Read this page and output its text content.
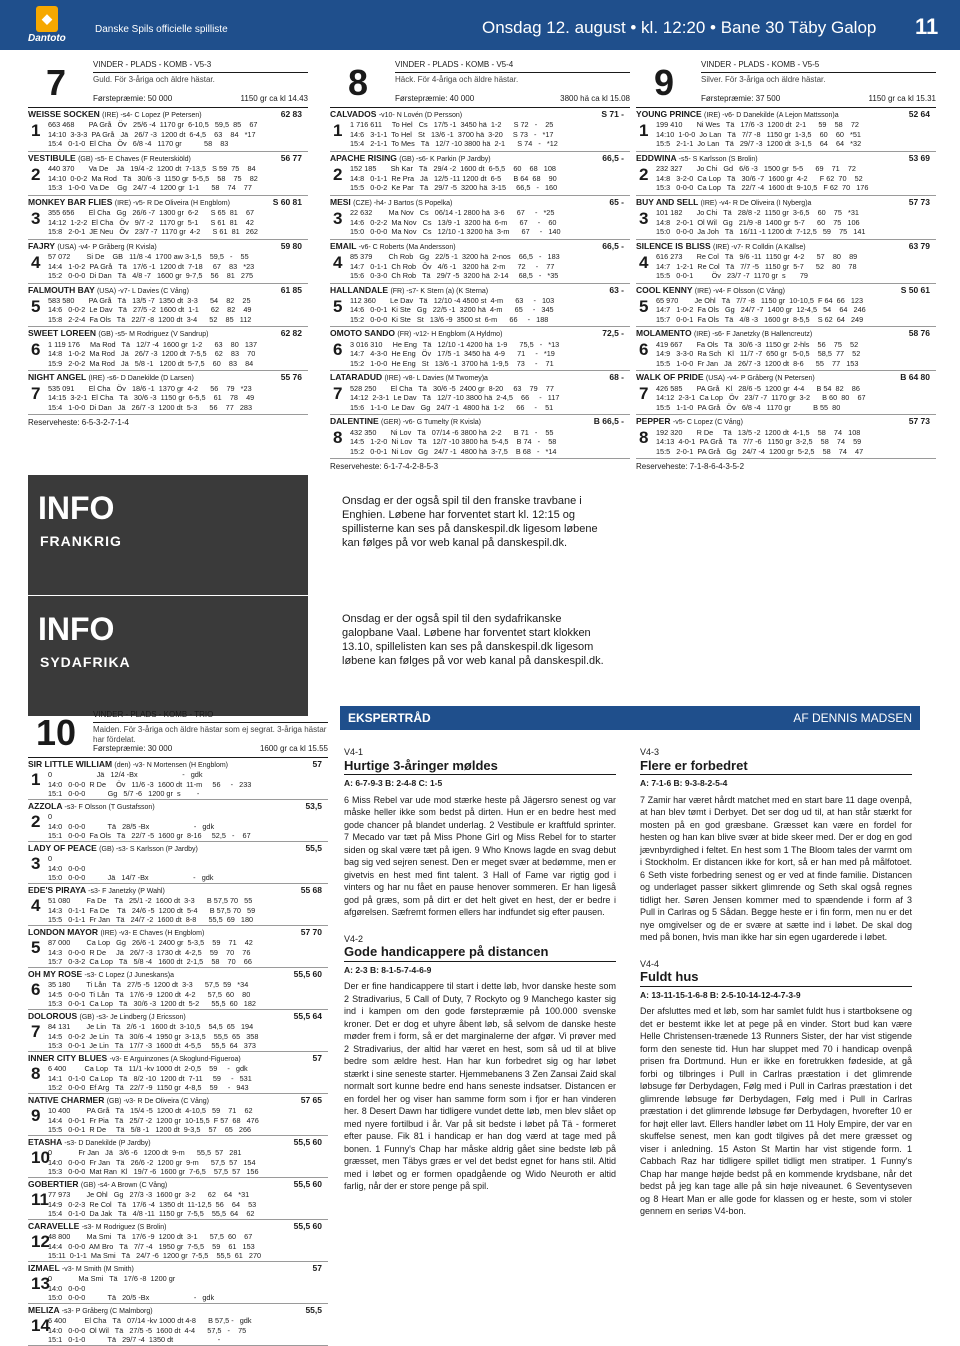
◆
Dantoto
Danske Spils officielle spilliste	Onsdag 12. august • kl. 12:20 • Bane 30 Täby Galop 11
7	VINDER - PLADS - KOMB - V5-3
Guld. För 3-åriga och äldre hästar.
Førstepræmie: 50 000	1150 gr ca kl 14.43
WEISSE SOCKEN (IRE) -s4- C Lopez (P Petersen)	62 83
1	663 468       PA Grå   Öv   25/6 -4  1170 gr  6-10,5   59,5  85    67
14:10  3-3-3  PA Grå   Jä   26/7 -3  1200 dt  6-4,5    63    84   *17
15:4   0-1-0  El Cha   Öv   6/8 -4   1170 gr           58    83
VESTIBULE (GB) -s5- E Chaves (F Reuterskiöld)	56 77
2	440 370       Va De    Jä   19/4 -2  1200 dt  7-13,5   S 59  75    84
14:10  0-0-2  Ma Rod   Tä   30/6 -3  1150 gr  5-5,5    58    75    82
15:3   1-0-0  Va De    Gg   24/7 -4  1200 gr  1-1      58    74    77
MONKEY BAR FLIES (IRE) -v5- R De Oliveira (H Engblom)	S 60 81
3	355 656       El Cha   Gg   26/6 -7  1300 gr  6-2      S 65  81    67
14:12  1-2-2  El Cha   Öv   9/7 -2   1170 gr  5-1      S 61  81    42
15:8   2-0-1  JE Neu   Öv   23/7 -7  1170 gr  4-2      S 61  81   262
FAJRY (USA) -v4- P Gråberg (R Kvisla)	59 80
4	57 072        Si De    GB   11/8 -4  1700 aw 3-1,5    59,5   -    55
14:4   1-0-2  PA Grå   Tä   17/6 -1  1200 dt  7-18     67    83   *23
15:2   0-0-0  Di Dan   Tä   4/8 -7   1600 gr  9-7,5    56    81   275
FALMOUTH BAY (USA) -v7- L Davies (C Vång)	61 85
5	583 580       PA Grå   Tä   13/5 -7  1350 dt  3-3      54    82    25
14:6   0-0-2  Le Dav   Tä   27/5 -2  1600 dt  1-1      62    82    49
15:8   2-2-4  Fa Ols   Tä   22/7 -8  1200 dt  3-4      52    85   112
SWEET LOREEN (GB) -s5- M Rodriguez (V Sandrup)	62 82
6	1 119 176     Ma Rod   Tä   12/7 -4  1600 gr  1-2      63    80   137
14:8   1-0-2  Ma Rod   Jä   26/7 -3  1200 dt  7-5,5    62    83    70
15:9   2-0-2  Ma Rod   Jä   5/8 -1   1200 dt  5-7,5    60    83    84
NIGHT ANGEL (IRE) -s6- D Danekilde (D Larsen)	55 76
7	535 091       El Cha   Öv   18/6 -1  1370 gr  4-2      56    79   *23
14:15  3-2-1  El Cha   Tä   30/6 -3  1150 gr  6-5,5    61    78    49
15:4   1-0-0  Di Dan   Jä   26/7 -3  1200 dt  5-3      56    77   283
Reserveheste: 6-5-3-2-7-1-4
8	VINDER - PLADS - KOMB - V5-4
Häck. För 4-åriga och äldre hästar.
Førstepræmie: 40 000	3800 hä ca kl 15.08
CALVADOS -v10- N Lovén (D Persson)	S 71 -
1	1 716 611     To Hel   Cs   17/5 -1  3450 hä  1-2      S 72   -    25
14:6   3-1-1  To Hel   St   13/6 -1  3700 hä  3-20     S 73   -   *17
15:4   2-1-1  To Mes   Tä   12/7 -10 3800 hä  2-1      S 74   -   *12
APACHE RISING (GB) -s6- K Parkin (P Jardby)	66,5 -
2	152 185       Sh Kar   Tä   29/4 -2  1600 dt  6-5,5    60    68   108
14:8   0-1-1  Re Pra   Jä   12/5 -11 1200 dt  6-5      B 64  68    90
15:5   0-0-2  Ke Par   Tä   29/7 -5  3200 hä  3-15     66,5   -   160
MESI (CZE) -h4- J Bartos (S Popelka)	65 -
3	22 632        Ma Nov   Cs   06/14 -1 2800 hä  3-6      67     -   *25
14:6   0-2-2  Ma Nov   Cs   13/9 -1  3200 hä  6-m      67     -    60
15:0   0-0-0  Ma Nov   Cs   12/10 -1 3200 hä  3-m      67     -   140
EMAIL -v6- C Roberts (Ma Andersson)	66,5 -
4	85 379        Ch Rob   Gg   22/5 -1  3200 hä  2-nos    66,5   -   183
14:7   0-1-1  Ch Rob   Öv   4/6 -1   3200 hä  2-m      72     -    77
15:6   0-3-0  Ch Rob   Tä   29/7 -5  3200 hä  2-14     68,5   -   *35
HALLANDALE (FR) -s7- K Stern (a) (K Sterna)	63 -
5	112 360       Le Dav   Tä   12/10 -4 4500 st  4-m      63     -   103
14:6   0-0-1  Ki Ste   Gg   22/5 -1  3200 hä  4-m      65     -   345
15:2   0-0-0  Ki Ste   St   13/6 -9  3500 st  6-m      66     -   188
OMOTO SANDO (FR) -v12- H Engblom (A Hyldmo)	72,5 -
6	3 016 310     He Eng   Tä   12/10 -1 4200 hä  1-9      75,5   -   *13
14:7   4-3-0  He Eng   Öv   17/5 -1  3450 hä  4-9      71     -   *19
15:2   1-0-0  He Eng   St   13/6 -1  3700 hä  1-9,5    73     -    71
LATARADUD (IRE) -v8- L Davies (M Twomey)a	68 -
7	528 250       El Cha   Tä   30/6 -5  2400 gr  8-20     63    79    77
14:12  2-3-1  Le Dav   Tä   12/7 -10 3800 hä  2-4,5    66     -   117
15:6   1-1-0  Le Dav   Gg   24/7 -1  4800 hä  1-2      66     -    51
DALENTINE (GER) -v6- G Tumelty (R Kvisla)	B 66,5 -
8	432 350       Ni Lov   Tä   07/14 -6 3800 hä  2-2      B 71   -    55
14:5   1-2-0  Ni Lov   Tä   12/7 -10 3800 hä  5-4,5    B 74   -    58
15:2   0-0-1  Ni Lov   Gg   24/7 -1  4800 hä  3-7,5    B 68   -   *14
Reserveheste: 6-1-7-4-2-8-5-3
9	VINDER - PLADS - KOMB - V5-5
Silver. För 3-åriga och äldre hästar.
Førstepræmie: 37 500	1150 gr ca kl 15.31
YOUNG PRINCE (IRE) -v6- D Danekilde (A Lejon Mattsson)a	52 64
1	199 410       Ni Wes   Tä   17/6 -3  1200 dt  2-1      59    58    72
14:10  1-0-0  Jo Lan   Tä   7/7 -8   1150 gr  1-3,5    60    60   *51
15:5   2-1-1  Jo Lan   Tä   29/7 -3  1200 dt  3-1,5    64    64   *32
EDDWINA -s5- S Karlsson (S Brolin)	53 69
2	232 327       Jo Chi   Gd   6/6 -3   1500 gr  5-5      69    71    72
14:8   3-2-0  Ca Lop   Tä   30/6 -7  1600 gr  4-2      F 62  70    52
15:3   0-0-0  Ca Lop   Tä   22/7 -4  1600 dt  9-10,5   F 62  70   176
BUY AND SELL (IRE) -v4- R De Oliveira (I Nyberg)a	57 73
3	101 182       Jo Chi   Tä   28/8 -2  1150 gr  3-6,5    60    75   *31
14:8   2-0-1  Ol Wil   Gg   21/9 -8  1400 gr  5-7      60    75   106
15:0   0-0-0  Ja Joh   Tä   16/11 -1 1200 dt  7-12,5   59    75   141
SILENCE IS BLISS (IRE) -v7- R Colldin (A Källse)	63 79
4	616 273       Re Col   Tä   9/6 -11  1150 gr  4-2      57    80    89
14:7   1-2-1  Re Col   Tä   7/7 -5   1150 gr  5-7      52    80    78
15:5   0-0-1         Öv   23/7 -7  1170 gr  s       79
COOL KENNY (IRE) -v4- F Olsson (C Vång)	S 50 61
5	65 970        Je Ohl   Tä   7/7 -8   1150 gr  10-10,5  F 64  66   123
14:7   1-0-2  Fa Ols   Gg   24/7 -7  1400 gr  12-4,5   54    64   246
15:7   0-0-1  Fa Ols   Tä   4/8 -3   1600 gr  8-5,5    S 62  64   249
MOLAMENTO (IRE) -s6- F Janetzky (B Hallencreutz)	58 76
6	419 667       Fa Ols   Tä   30/6 -3  1150 gr  2-hls    56    75    52
14:9   3-3-0  Ra Sch   Kl   11/7 -7  650 gr   5-0,5    58,5  77    52
15:5   1-0-0  Fr Jan   Jä   26/7 -3  1200 dt  8-6      55    77   153
WALK OF PRIDE (USA) -v4- P Gråberg (N Petersen)	B 64 80
7	426 585       PA Grå   Kl   28/6 -5  1200 gr  4-4      B 54  82    86
14:12  2-3-1  Ca Lop   Öv   23/7 -7  1170 gr  3-2      B 60  80    67
15:5   1-1-0  PA Grå   Öv   6/8 -4   1170 gr           B 55  80
PEPPER -v5- C Lopez (C Vång)	57 73
8	192 320       R De     Tä   13/5 -2  1200 dt  4-1,5    58    74   108
14:13  4-0-1  PA Grå   Tä   7/7 -6   1150 gr  3-2,5    58    74    59
15:5   2-0-1  PA Grå   Gg   24/7 -4  1200 gr  5-2,5    58    74    47
Reserveheste: 7-1-8-6-4-3-5-2
INFO
FRANKRIG
Onsdag er der også spil til den franske travbane i Enghien. Løbene har forventet start kl. 12:15 og spillisterne kan ses på danskespil.dk ligesom løbene kan følges på vor web kanal på danskespil.dk.
INFO
SYDAFRIKA
Onsdag er der også spil til den sydafrikanske galopbane Vaal. Løbene har forventet start klokken 13.10, spillelisten kan ses på danskespil.dk ligesom løbene kan følges på vor web kanal på danskespil.dk.
10	VINDER - PLADS - KOMB - TRIO
Maiden. För 3-åriga och äldre hästar som ej segrat. 3-åriga hästar har fördelat.
Førstepræmie: 30 000	1600 gr ca kl 15.55
SIR LITTLE WILLIAM (den) -v3- N Mortensen (H Engblom)	57
1	0                      Jä   12/4 -Bx                      -   gdk
14:0   0-0-0  R De     Öv   11/6 -3  1600 dt  11-m     56     -   233
15:1   0-0-0           Gg   5/7 -6   1200 gr  s        -
AZZOLA -s3- F Olsson (T Gustafsson)	53,5
2	0
14:0   0-0-0           Tä   28/5 -Bx                      -   gdk
15:1   0-0-0  Fa Ols   Tä   22/7 -5  1600 gr  8-16     52,5   -    67
LADY OF PEACE (GB) -s3- S Karlsson (P Jardby)	55,5
3	0
14:0   0-0-0
15:0   0-0-0           Jä   14/7 -Bx                      -   gdk
EDE'S PIRAYA -s3- F Janetzky (P Wahl)	55 68
4	51 080        Fa De    Tä   25/1 -2  1600 dt  3-3      B 57,5 70   55
14:3   0-1-1  Fa De    Tä   24/6 -5  1200 dt  5-4      B 57,5 70   59
15:5   0-1-1  Fr Jan   Tä   24/7 -2  1600 dt  8-8      55,5  69   180
LONDON MAYOR (IRE) -v3- E Chaves (H Engblom)	57 70
5	87 000        Ca Lop   Gg   26/6 -1  2400 gr  5-3,5    59    71    42
14:3   0-0-0  R De     Jä   26/7 -3  1730 dt  4-2,5    59    70    76
15:7   0-3-2  Ca Lop   Tä   5/8 -4   1600 dt  2-1,5    58    70    66
OH MY ROSE -s3- C Lopez (J Juneskans)a	55,5 60
6	35 180        Ti Lån   Tä   27/5 -5  1200 dt  3-3      57,5  59   *34
14:5   0-0-0  Ti Lån   Tä   17/6 -9  1200 dt  4-2      57,5  60    80
15:3   0-0-1  Ca Lop   Tä   30/6 -3  1200 dt  5-2      55,5  60   182
DOLOROUS (GB) -s3- Je Lindberg (J Ericsson)	55,5 64
7	84 131        Je Lin   Tä   2/6 -1   1600 dt  3-10,5    54,5  65   194
14:5   0-0-2  Je Lin   Tä   30/6 -4  1950 gr  3-13,5    55,5  65   358
15:3   0-0-1  Je Lin   Tä   17/7 -3  1600 dt  4-5,5     55,5  64   373
INNER CITY BLUES -v3- E Arguinzones (A Skoglund-Figueroa)	57
8	6 400         Ca Lop   Tä   11/1 -kv 1000 dt  2-0,5    59     -   gdk
14:1   0-1-0  Ca Lop   Tä   8/2 -10  1200 dt  7-11     59     -   531
15:2   0-0-0  Ef Arg   Tä   22/7 -9  1150 gr  4-8,5    59     -   943
NATIVE CHARMER (GB) -v3- R De Oliveira (C Vång)	57 65
9	10 400        PA Grå   Tä   15/4 -5  1200 dt  4-10,5   59    71    62
14:4   0-0-1  Fr Pia   Tä   25/7 -2  1200 gr  10-15,5  F 57  68   476
15:5   0-0-1  R De     Tä   5/8 -1   1200 dt  9-3,5    57    65   266
ETASHA -s3- D Danekilde (P Jardby)	55,5 60
10
0             Fr Jan   Jä   3/6 -6   1200 dt  9-m      55,5  57   281
14:0   0-0-0  Fr Jan   Tä   26/6 -2  1200 gr  9-m      57,5  57   154
15:3   0-0-0  Mat Ran  Kl   19/7 -6  1600 gr  7-6,5    57,5  57   156
GOBERTIER (GB) -s4- A Brown (C Vång)	55,5 60
11 77 973        Je Ohl   Gg   27/3 -3  1600 gr  3-2      62    64   *31
14:9   0-2-3  Re Col   Tä   17/6 -4  1350 dt  11-12,5  56    64    53
15:4   0-1-0  Da Jak   Tä   4/8 -11  1150 gr  7-5,5    55,5  64    62
CARAVELLE -s3- M Rodriguez (S Brolin)	55,5 60
12
48 800        Ma Smi   Tä   17/6 -9  1200 dt  3-1      57,5  60    67
14:4   0-0-0  AM Bro   Tä   7/7 -4   1950 gr  7-5,5    59    61   153
15:11  0-1-1  Ma Smi   Tä   24/7 -6  1200 gr  7-5,5    55,5  61   270
IZMAEL -v3- M Smith (M Smith)	57
13
0             Ma Smi   Tä   17/6 -8  1200 gr
14:0   0-0-0
15:0   0-0-0           Tä   20/5 -Bx                      -   gdk
MELIZA -s3- P Gråberg (C Malmborg)	55,5
14
6 400         El Cha   Tä   07/14 -kv 1000 dt 4-8      B 57,5 -   gdk
14:0   0-0-0  Ol Wil   Tä   27/5 -5  1600 dt  4-4      57,5   -    75
15:1   0-1-0           Tä   29/7 -4  1350 dt                      -
EKSPERTRÅD	AF DENNIS MADSEN
V4-1
Hurtige 3-åringer møldes
A: 6-7-9-3 B: 2-4-8 C: 1-5

6 Miss Rebel var ude mod stærke heste på Jägersro senest og var måske heller ikke som bedst på dirten. Hun er en bedre hest med gode chancer på blandet underlag. 2 Vestibule er kraftfuld sprinter. 7 Mecado var tæt på Miss Phone Girl og Miss Rebel for to starter siden og skal være tæt på igen. 9 Who Knows lagde en svag debut bag sig ved sejren senest. Den er meget svær at bedømme, men er givetvis en hest med fint talent. 3 Hall of Fame var rigtig god i vinters og har nu fået en pause henover sommeren. Er han ligeså god på græs, som på dirt er det helt givet en hest, der er bedre i afgørelsen. Sæfremt formen ellers har indfundet sig efter pausen.

V4-2
Gode handicappere på distancen
A: 2-3 B: 8-1-5-7-4-6-9

Der er fine handicappere til start i dette løb, hvor danske heste som 2 Stradivarius, 5 Call of Duty, 7 Rockyto og 9 Manchego kaster sig ind i kampen om den gode førstepræmie på 100.000 svenske kroner. Det er dog et uhyre åbent løb, så selvom de danske heste møder frem i form, så er det marginalerne der afgør. Vi prøver med 2 Stradivarius, der altid har været en hest, som så ud til at blive bedre som ældre hest. Han har kun forbedret sig og har løbet stærkt i sine seneste starter. Hjemmebanens 3 Zen Zansai Zaid skal normalt sort kunne bedre end hans seneste indsatser. Distancen er en fordel her og viser han samme form som i fjor er han vinderen her. 8 Desert Dawn har tidligere vundet dette løb, men blev slået op med nyere fortilbud i år. Var på sit bedste i løbet på Tä - formeret efter pause. Fik 81 i handicap er han dog værd at tage med på bonen. 1 Funny's Chap har måske aldrig gået sine bedste løb på græsset, men Täbys græs er vel det bedst egnet for hans stil. Altid med i løbet og er formen opadgående og Wido Neuroth er altid farlig, når der er store penge på spil.

V4-3
Flere er forbedret
A: 7-1-6 B: 9-3-8-2-5-4

7 Zamir har været hårdt matchet med en start bare 11 dage ovenpå, at han blev tømt i Derbyet. Det ser dog ud til, at han står stærkt for mosten på en god græsbane. Græsset kan være en fordel for hesten og han kan blive svær at bide skeer med. Der er dog en god jævnbyrdighed i feltet. En hest som 1 The Bloom tales der varmt om i Stockholm. Er distancen ikke for kort, så er han med på målfotoet. 6 Seth viste forbedring senest og er ved at finde familie. Distancen og underlaget passer sikkert glimrende og Seth skal også regnes tidligt her. Søren Jensen kommer med to spændende i form af 3 Pull in Carlras og 5 Sådan. Begge heste er i fin form, men nu er det nye omgivelser og de er svære at sætte ind i løbet. De skal dog med på bonen, hvis man ikke har sin egen ugarderede i løbet.

V4-4
Fuldt hus
A: 13-11-15-1-6-8 B: 2-5-10-14-12-4-7-3-9

Der afsluttes med et løb, som har samlet fuldt hus i startboksene og det er bestemt ikke let at pege på en vinder. Stort bud kan være Helle Christensen-trænede 13 Runners Sister, der har vist stigende form den seneste tid. Hun har sluppet med 70 i handicap ovenpå prisen fra Dortmund. Hun er ikke en foretrukken fødeside, at gå forbi og tilbringes i Pull in Carlras præstation i det glimrende løbsuge før Derbydagen, Følg med i Pull in Carlras præstation i det glimrende løbsuge før Derbydagen, Følg med i Pull in Carlras præstation i det glimrende løbsuge før Derbydagen, hvorefter 10 er for højt eller lavt. Ellers handler løbet om 11 Holy Empire, der var en skuffelse senest, men kan godt tilgives på det mere græsset og viser i anledning. 15 Aston St Martin har vist stigende form. 1 Cabbach Raz har tidligere spillet tidligt men stratiper. 1 Funny's Chap har mange højde bedst på en kommende krydsbane, når det bedst på jeg kan tage alle på sin høje niveaunet. 6 Seventyseven og 8 Heart Man er alle gode for klassen og er heste, som vi stoler gennem en seriøs V4-bon.
